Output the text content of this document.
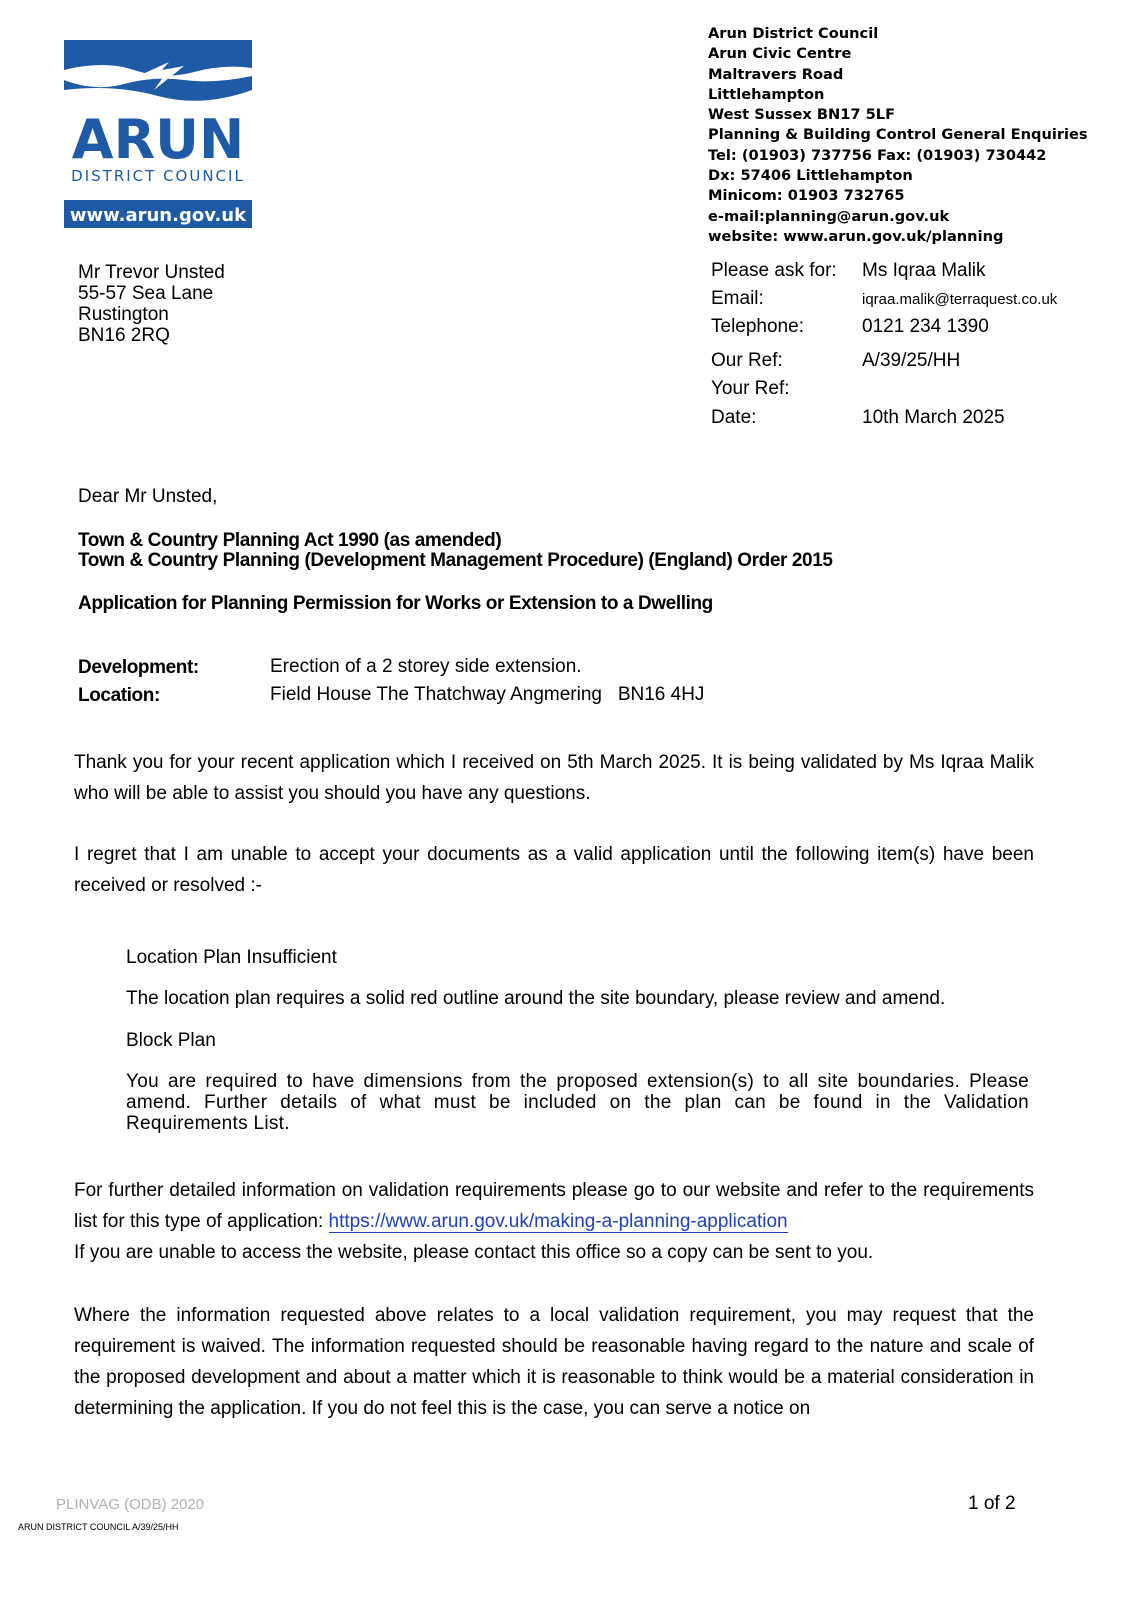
ARUN
DISTRICT COUNCIL
www.arun.gov.uk
Arun District Council
Arun Civic Centre
Maltravers Road
Littlehampton
West Sussex BN17 5LF
Planning & Building Control General Enquiries
Tel: (01903) 737756 Fax: (01903) 730442
Dx: 57406 Littlehampton
Minicom: 01903 732765
e-mail:planning@arun.gov.uk
website: www.arun.gov.uk/planning
Mr Trevor Unsted
55-57 Sea Lane
Rustington
BN16 2RQ
Please ask for: Ms Iqraa Malik
Email:	iqraa.malik@terraquest.co.uk
Telephone:	0121 234 1390
Our Ref:	A/39/25/HH
Your Ref:
Date:	10th March 2025
Dear Mr Unsted,
Town & Country Planning Act 1990 (as amended)
Town & Country Planning (Development Management Procedure) (England) Order 2015
Application for Planning Permission for Works or Extension to a Dwelling
Development:	Erection of a 2 storey side extension.
Location:	Field House The Thatchway Angmering   BN16 4HJ
Thank you for your recent application which I received on 5th March 2025. It is being validated by Ms Iqraa Malik who will be able to assist you should you have any questions.
I regret that I am unable to accept your documents as a valid application until the following item(s) have been received or resolved :-
Location Plan Insufficient
The location plan requires a solid red outline around the site boundary, please review and amend.
Block Plan
You are required to have dimensions from the proposed extension(s) to all site boundaries. Please amend. Further details of what must be included on the plan can be found in the Validation Requirements List.
For further detailed information on validation requirements please go to our website and refer to the requirements list for this type of application: https://www.arun.gov.uk/making-a-planning-application
If you are unable to access the website, please contact this office so a copy can be sent to you.
Where the information requested above relates to a local validation requirement, you may request that the requirement is waived. The information requested should be reasonable having regard to the nature and scale of the proposed development and about a matter which it is reasonable to think would be a material consideration in determining the application. If you do not feel this is the case, you can serve a notice on
PLINVAG (ODB) 2020	1 of 2
ARUN DISTRICT COUNCIL A/39/25/HH
